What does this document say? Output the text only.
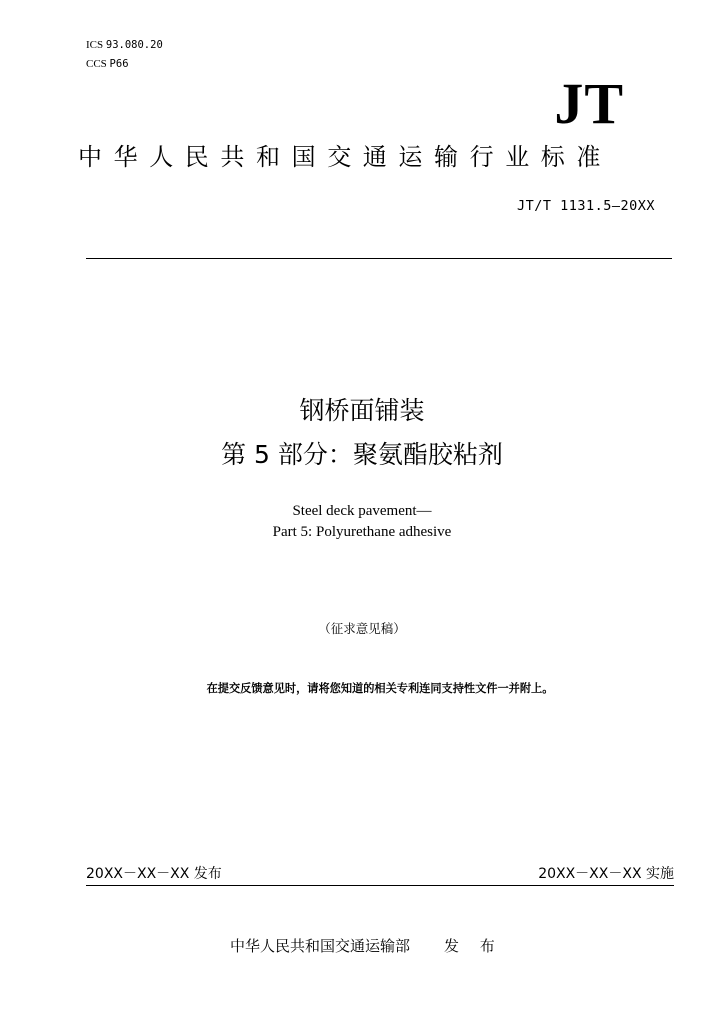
ICS 93.080.20
CCS P66
JT
中华人民共和国交通运输行业标准
JT/T 1131.5—20XX
钢桥面铺装
第 5 部分：聚氨酯胶粘剂
Steel deck pavement—
Part 5: Polyurethane adhesive
（征求意见稿）
在提交反馈意见时，请将您知道的相关专利连同支持性文件一并附上。
20XX－XX－XX 发布	20XX－XX－XX 实施
中华人民共和国交通运输部 发 布
